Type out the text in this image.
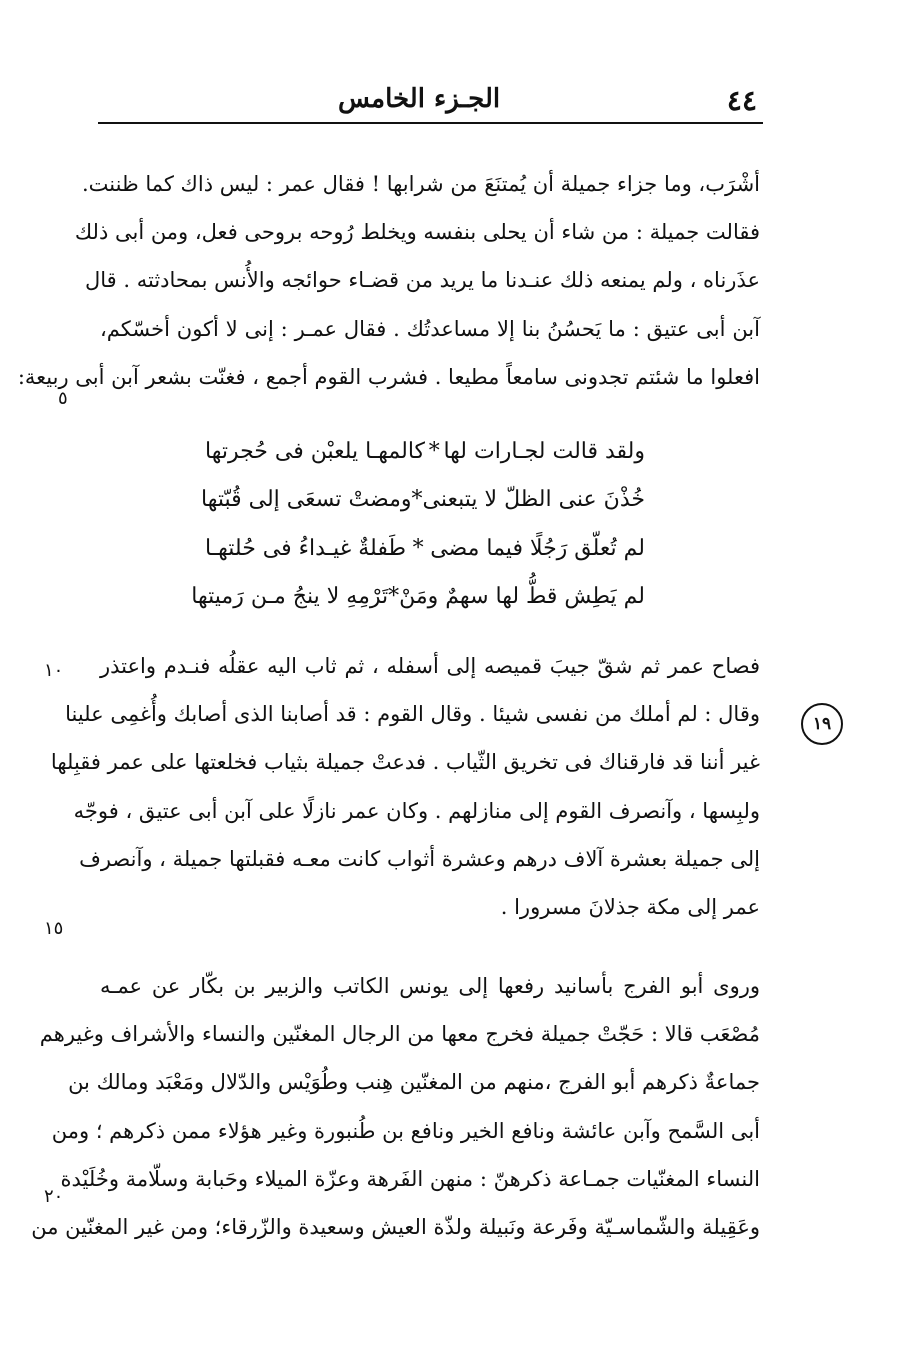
٤٤
الجـزء الخامس
أشْرَب، وما جزاء جميلة أن يُمتنَعَ من شرابها ! فقال عمر : ليس ذاك كما ظننت.
فقالت جميلة : من شاء أن يحلى بنفسه ويخلط رُوحه بروحى فعل، ومن أبى ذلك
عذَرناه ، ولم يمنعه ذلك عنـدنا ما يريد من قضـاء حوائجه والأُنس بمحادثته . قال
آبن أبى عتيق : ما يَحسُنُ بنا إلا مساعدتُك . فقال عمـر : إنى لا أكون أخسّكم،
افعلوا ما شئتم تجدونى سامعاً مطيعا . فشرب القوم أجمع ، فغنّت بشعر آبن أبى ربيعة:
ولقد قالت لجـارات لها
*
كالمهـا يلعبْن فى حُجرتها
خُذْنَ عنى الظلّ لا يتبعنى
*
ومضتْ تسعَى إلى قُبّتها
لم تُعلّق رَجُلًا فيما مضى
*
طَفلةٌ غيـداءُ فى حُلتهـا
لم يَطِش قطُّ لها سهمٌ ومَنْ
*
تَرْمِهِ لا ينجُ مـن رَميتها
فصاح عمر ثم شقّ جيبَ قميصه إلى أسفله ، ثم ثاب اليه عقلُه فنـدم واعتذر
وقال : لم أملك من نفسى شيئا . وقال القوم : قد أصابنا الذى أصابك وأُغمِى علينا
غير أننا قد فارقناك فى تخريق الثّياب . فدعتْ جميلة بثياب فخلعتها على عمر فقبِلها
ولبِسها ، وآنصرف القوم إلى منازلهم . وكان عمر نازلًا على آبن أبى عتيق ، فوجّه
إلى جميلة بعشرة آلاف درهم وعشرة أثواب كانت معـه فقبلتها جميلة ، وآنصرف
عمر إلى مكة جذلانَ مسرورا .
وروى أبو الفرج بأسانيد رفعها إلى يونس الكاتب والزبير بن بكّار عن عمـه
مُصْعَب قالا : حَجّتْ جميلة فخرج معها من الرجال المغنّين والنساء والأشراف وغيرهم
جماعةٌ ذكرهم أبو الفرج ،منهم من المغنّين هِنب وطُوَيْس والدّلال ومَعْبَد ومالك بن
أبى السَّمح وآبن عائشة ونافع الخير ونافع بن طُنبورة وغير هؤلاء ممن ذكرهم ؛ ومن
النساء المغنّيات جمـاعة ذكرهنّ : منهن الفَرهة وعزّة الميلاء وحَبابة وسلّامة وخُلَيْدة
وعَقِيلة والشّماسـيّة وفَرعة ونَبيلة ولذّة العيش وسعيدة والزّرقاء؛ ومن غير المغنّين من
٥
١٠
١٥
٢٠
١٩
